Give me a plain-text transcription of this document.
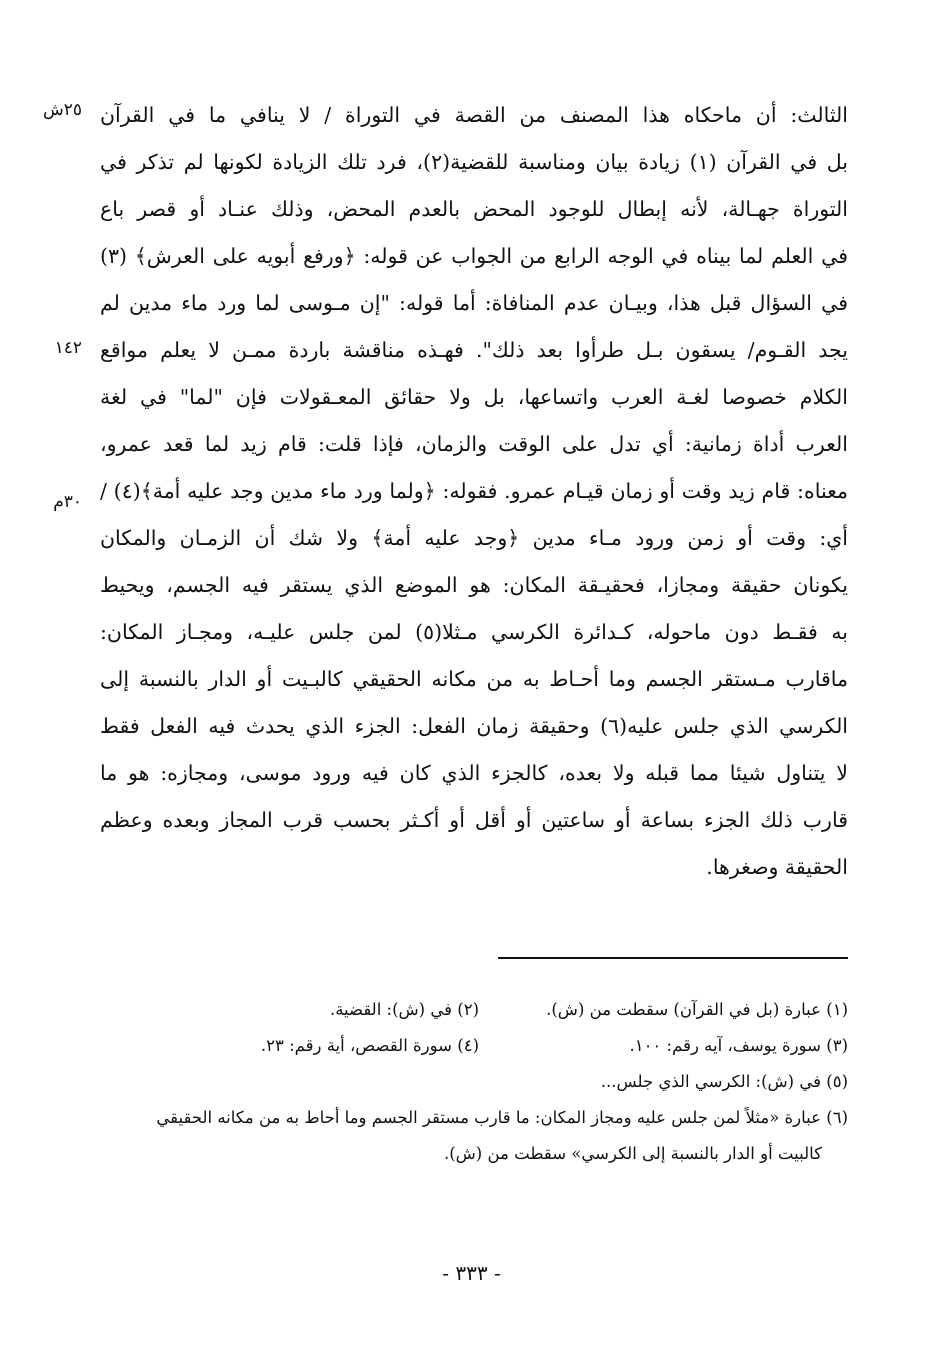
٢٥ش
١٤٢
٣٠م
الثالث: أن ماحكاه هذا المصنف من القصة في التوراة / لا ينافي ما في القرآن
بل في القرآن (١) زيادة بيان ومناسبة للقضية(٢)، فرد تلك الزيادة لكونها لم تذكر في
التوراة جهـالة، لأنه إبطال للوجود المحض بالعدم المحض، وذلك عنـاد أو قصر باع
في العلم لما بيناه في الوجه الرابع من الجواب عن قوله: ﴿ورفع أبويه على العرش﴾ (٣)
في السؤال قبل هذا، وبيـان عدم المنافاة: أما قوله: "إن مـوسى لما ورد ماء مدين لم
يجد القـوم/ يسقون بـل طرأوا بعد ذلك". فهـذه مناقشة باردة ممـن لا يعلم مواقع
الكلام خصوصا لغـة العرب واتساعها، بل ولا حقائق المعـقولات فإن "لما" في لغة
العرب أداة زمانية: أي تدل على الوقت والزمان، فإذا قلت: قام زيد لما قعد عمرو،
معناه: قام زيد وقت أو زمان قيـام عمرو. فقوله: ﴿ولما ورد ماء مدين وجد عليه أمة﴾(٤) /
أي: وقت أو زمن ورود مـاء مدين ﴿وجد عليه أمة﴾ ولا شك أن الزمـان والمكان
يكونان حقيقة ومجازا، فحقيـقة المكان: هو الموضع الذي يستقر فيه الجسم، ويحيط
به فقـط دون ماحوله، كـدائرة الكرسي مـثلا(٥) لمن جلس عليـه، ومجـاز المكان:
ماقارب مـستقر الجسم وما أحـاط به من مكانه الحقيقي كالبـيت أو الدار بالنسبة إلى
الكرسي الذي جلس عليه(٦) وحقيقة زمان الفعل: الجزء الذي يحدث فيه الفعل فقط
لا يتناول شيئا مما قبله ولا بعده، كالجزء الذي كان فيه ورود موسى، ومجازه: هو ما
قارب ذلك الجزء بساعة أو ساعتين أو أقل أو أكـثر بحسب قرب المجاز وبعده وعظم
الحقيقة وصغرها.
(١) عبارة (بل في القرآن) سقطت من (ش).
(٢) في (ش): القضية.
(٣) سورة يوسف، آيه رقم: ١٠٠.
(٤) سورة القصص، أية رقم: ٢٣.
(٥) في (ش): الكرسي الذي جلس...
(٦) عبارة «مثلاً لمن جلس عليه ومجاز المكان: ما قارب مستقر الجسم وما أحاط به من مكانه الحقيقي
كالبيت أو الدار بالنسبة إلى الكرسي» سقطت من (ش).
- ٣٣٣ -
